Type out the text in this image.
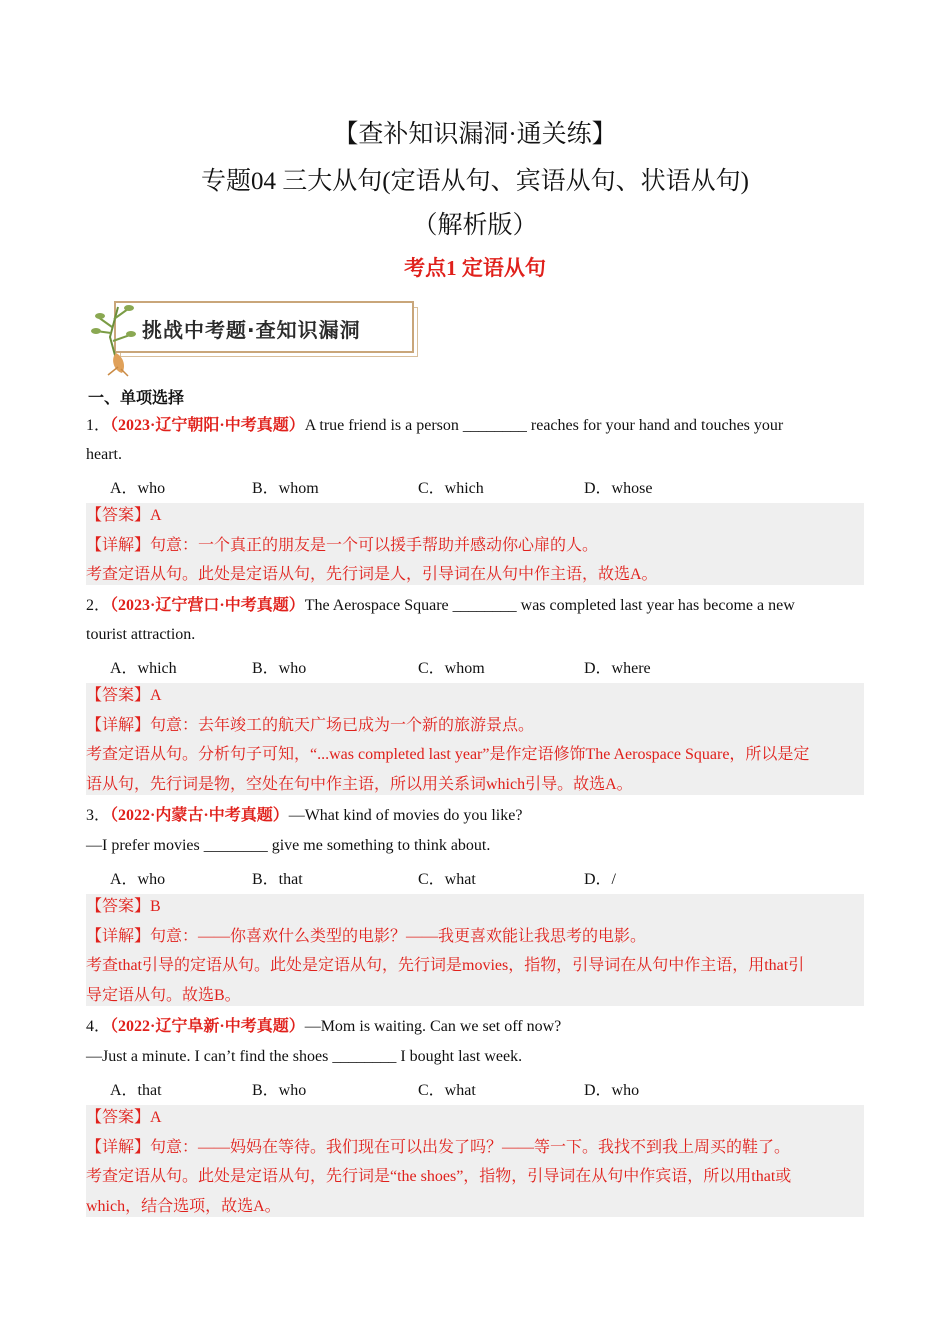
【查补知识漏洞·通关练】
专题04 三大从句(定语从句、宾语从句、状语从句)
（解析版）
考点1 定语从句
挑战中考题·查知识漏洞
一、单项选择
1．（2023·辽宁朝阳·中考真题）A true friend is a person ________ reaches for your hand and touches your
heart.
A．who	B．whom	C．which	D．whose
【答案】A
【详解】句意：一个真正的朋友是一个可以援手帮助并感动你心扉的人。
考查定语从句。此处是定语从句，先行词是人，引导词在从句中作主语，故选A。
2．（2023·辽宁营口·中考真题）The Aerospace Square ________ was completed last year has become a new
tourist attraction.
A．which	B．who	C．whom	D．where
【答案】A
【详解】句意：去年竣工的航天广场已成为一个新的旅游景点。
考查定语从句。分析句子可知，“...was completed last year”是作定语修饰The Aerospace Square，所以是定
语从句，先行词是物，空处在句中作主语，所以用关系词which引导。故选A。
3．（2022·内蒙古·中考真题）—What kind of movies do you like?
—I prefer movies ________ give me something to think about.
A．who	B．that	C．what	D．/
【答案】B
【详解】句意：——你喜欢什么类型的电影？——我更喜欢能让我思考的电影。
考查that引导的定语从句。此处是定语从句，先行词是movies，指物，引导词在从句中作主语，用that引
导定语从句。故选B。
4．（2022·辽宁阜新·中考真题）—Mom is waiting. Can we set off now?
—Just a minute. I can’t find the shoes ________ I bought last week.
A．that	B．who	C．what	D．who
【答案】A
【详解】句意：——妈妈在等待。我们现在可以出发了吗？——等一下。我找不到我上周买的鞋了。
考查定语从句。此处是定语从句，先行词是“the shoes”，指物，引导词在从句中作宾语，所以用that或
which，结合选项，故选A。
